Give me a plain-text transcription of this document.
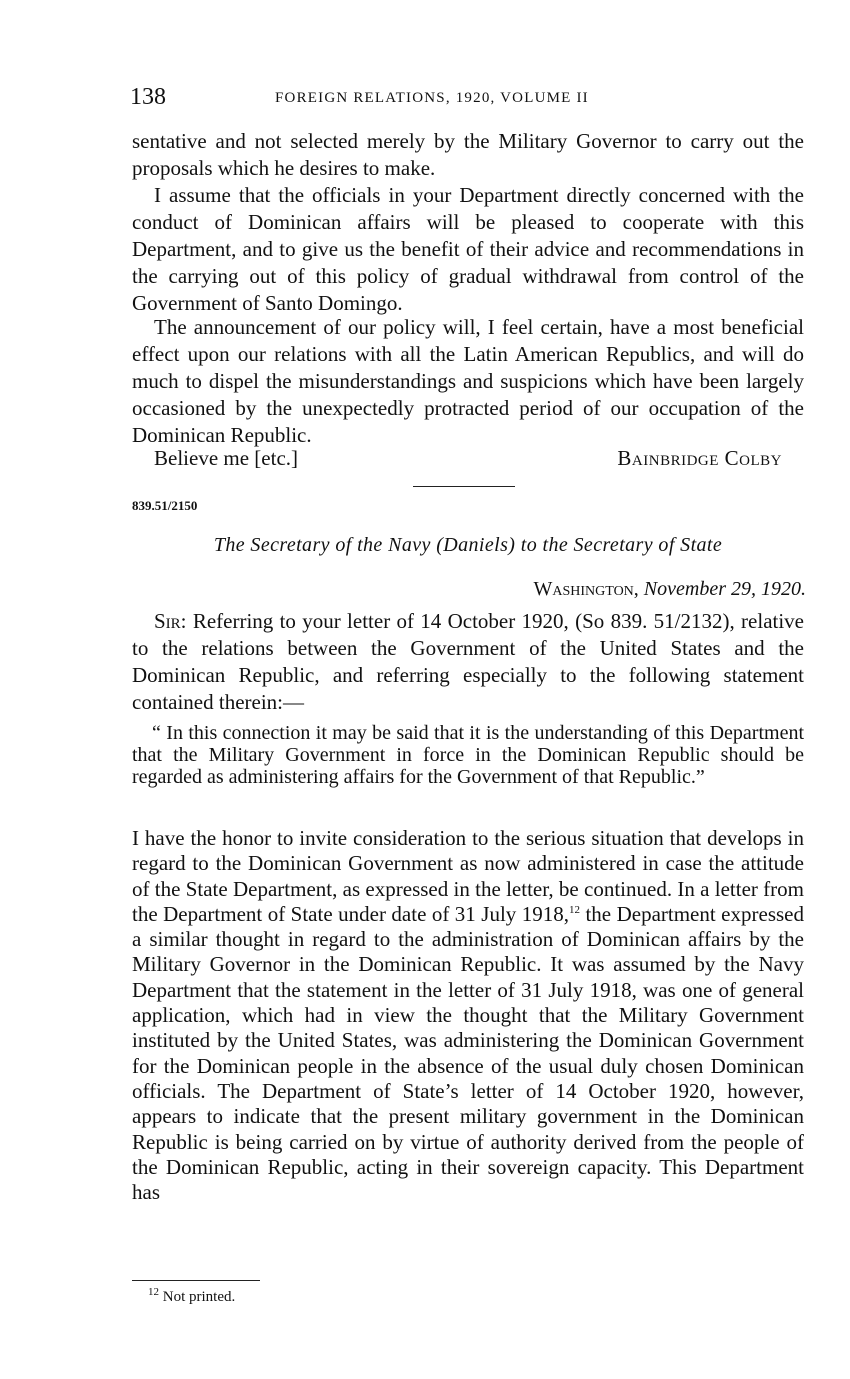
138	FOREIGN RELATIONS, 1920, VOLUME II

sentative and not selected merely by the Military Governor to carry out the proposals which he desires to make.

I assume that the officials in your Department directly concerned with the conduct of Dominican affairs will be pleased to cooperate with this Department, and to give us the benefit of their advice and recommendations in the carrying out of this policy of gradual withdrawal from control of the Government of Santo Domingo.

The announcement of our policy will, I feel certain, have a most beneficial effect upon our relations with all the Latin American Republics, and will do much to dispel the misunderstandings and suspicions which have been largely occasioned by the unexpectedly protracted period of our occupation of the Dominican Republic.

Believe me [etc.]	Bainbridge Colby
839.51/2150
The Secretary of the Navy (Daniels) to the Secretary of State
Washington, November 29, 1920.

Sir: Referring to your letter of 14 October 1920, (So 839. 51/2132), relative to the relations between the Government of the United States and the Dominican Republic, and referring especially to the following statement contained therein:—

“ In this connection it may be said that it is the understanding of this Department that the Military Government in force in the Dominican Republic should be regarded as administering affairs for the Government of that Republic.”

I have the honor to invite consideration to the serious situation that develops in regard to the Dominican Government as now administered in case the attitude of the State Department, as expressed in the letter, be continued. In a letter from the Department of State under date of 31 July 1918,12 the Department expressed a similar thought in regard to the administration of Dominican affairs by the Military Governor in the Dominican Republic. It was assumed by the Navy Department that the statement in the letter of 31 July 1918, was one of general application, which had in view the thought that the Military Government instituted by the United States, was administering the Dominican Government for the Dominican people in the absence of the usual duly chosen Dominican officials. The Department of State’s letter of 14 October 1920, however, appears to indicate that the present military government in the Dominican Republic is being carried on by virtue of authority derived from the people of the Dominican Republic, acting in their sovereign capacity. This Department has

$^{12}$ Not printed.
